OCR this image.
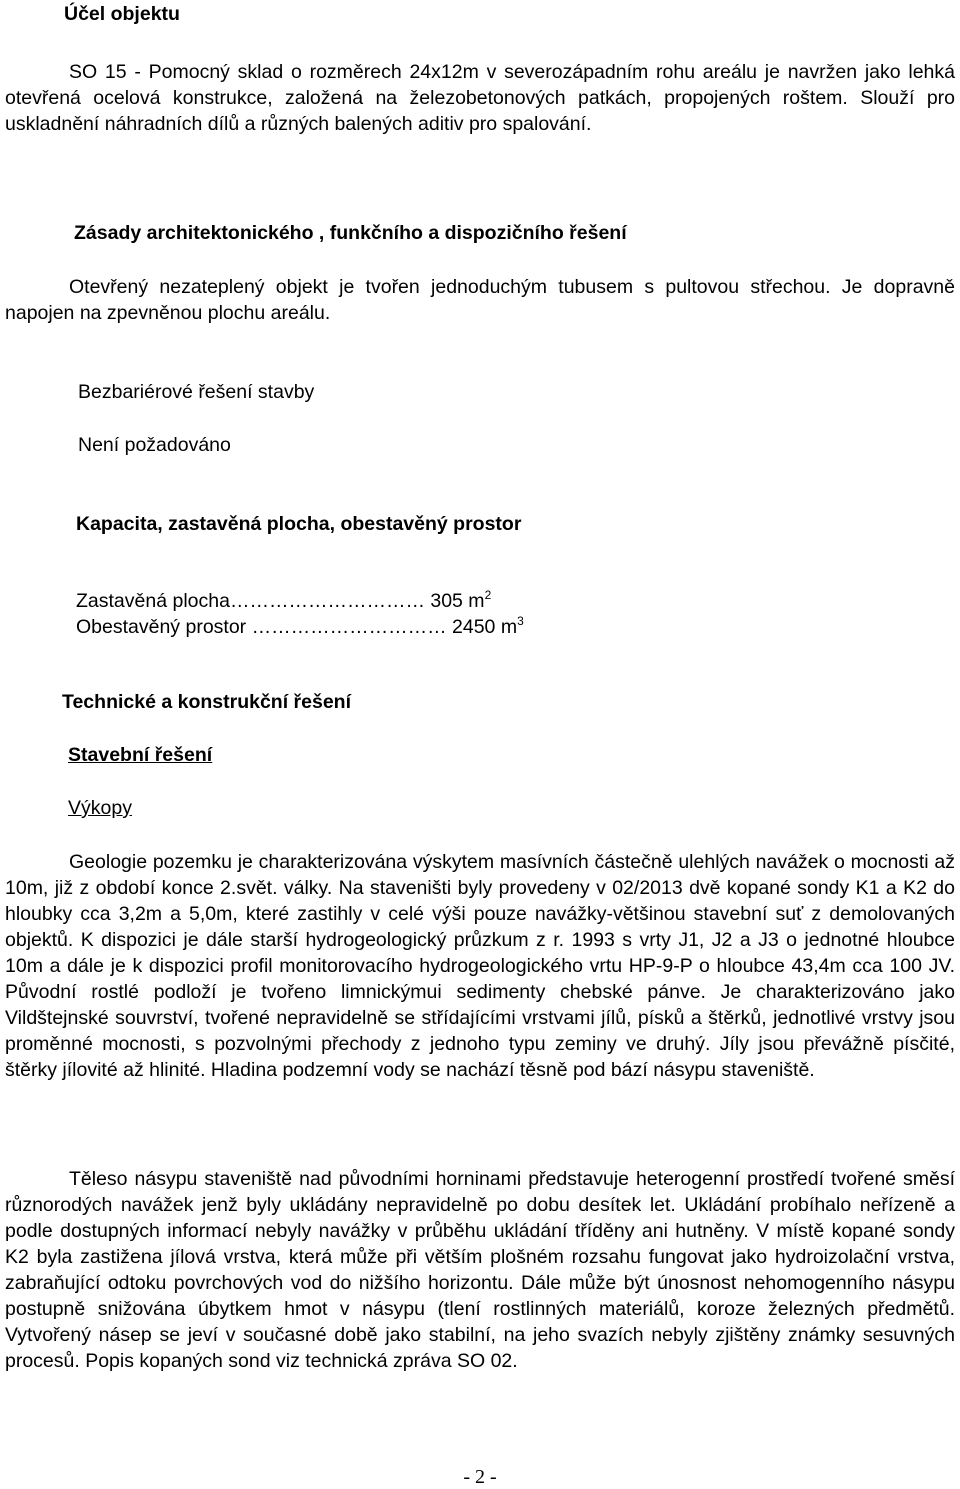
Účel objektu

SO 15 - Pomocný sklad o rozměrech 24x12m v severozápadním rohu areálu je navržen jako lehká otevřená ocelová konstrukce, založená na železobetonových patkách, propojených roštem. Slouží pro uskladnění náhradních dílů a různých balených aditiv pro spalování.

Zásady architektonického , funkčního a dispozičního řešení

Otevřený nezateplený objekt je tvořen jednoduchým tubusem s pultovou střechou. Je dopravně napojen na zpevněnou plochu areálu.

Bezbariérové řešení stavby
Není požadováno
Kapacita, zastavěná plocha, obestavěný prostor
Zastavěná plocha………………………… 305 $m^2$
Obestavěný prostor ………………………… 2450 $m^3$
Technické a konstrukční řešení
Stavební řešení
Výkopy

Geologie pozemku je charakterizována výskytem masívních částečně ulehlých navážek o mocnosti až 10m, již z období konce 2.svět. války. Na staveništi byly provedeny v 02/2013 dvě kopané sondy K1 a K2 do hloubky cca 3,2m a 5,0m, které zastihly v celé výši pouze navážky-většinou stavební suť z demolovaných objektů. K dispozici je dále starší hydrogeologický průzkum z r. 1993 s vrty J1, J2 a J3 o jednotné hloubce 10m a dále je k dispozici profil monitorovacího hydrogeologického vrtu HP-9-P o hloubce 43,4m cca 100 JV. Původní rostlé podloží je tvořeno limnickýmui sedimenty chebské pánve. Je charakterizováno jako Vildštejnské souvrství, tvořené nepravidelně se střídajícími vrstvami jílů, písků a štěrků, jednotlivé vrstvy jsou proměnné mocnosti, s pozvolnými přechody z jednoho typu zeminy ve druhý. Jíly jsou převážně písčité, štěrky jílovité až hlinité. Hladina podzemní vody se nachází těsně pod bází násypu staveniště.

Těleso násypu staveniště nad původními horninami představuje heterogenní prostředí tvořené směsí různorodých navážek jenž byly ukládány nepravidelně po dobu desítek let. Ukládání probíhalo neřízeně a podle dostupných informací nebyly navážky v průběhu ukládání tříděny ani hutněny. V místě kopané sondy K2 byla zastižena jílová vrstva, která může při větším plošném rozsahu fungovat jako hydroizolační vrstva, zabraňující odtoku povrchových vod do nižšího horizontu. Dále může být únosnost nehomogenního násypu postupně snižována úbytkem hmot v násypu (tlení rostlinných materiálů, koroze železných předmětů. Vytvořený násep se jeví v současné době jako stabilní, na jeho svazích nebyly zjištěny známky sesuvných procesů. Popis kopaných sond viz technická zpráva SO 02.

- 2 -
